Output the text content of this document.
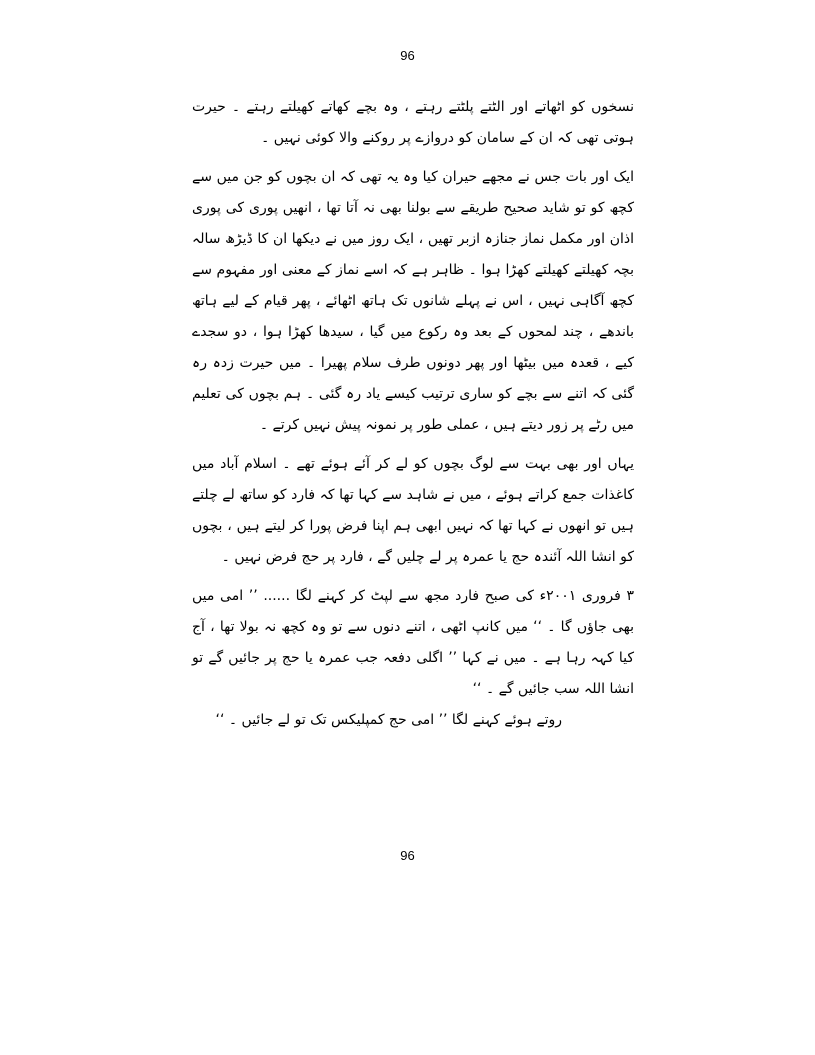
96

نسخوں کو اٹھاتے اور الٹتے پلٹتے رہتے ، وہ بچے کھاتے کھیلتے رہتے ۔ حیرت ہوتی تھی کہ ان کے سامان کو دروازے پر روکنے والا کوئی نہیں ۔

ایک اور بات جس نے مجھے حیران کیا وہ یہ تھی کہ ان بچوں کو جن میں سے کچھ کو تو شاید صحیح طریقے سے بولنا بھی نہ آتا تھا ، انھیں پوری کی پوری اذان اور مکمل نماز جنازہ ازبر تھیں ، ایک روز میں نے دیکھا ان کا ڈیڑھ سالہ بچہ کھیلتے کھیلتے کھڑا ہوا ۔ ظاہر ہے کہ اسے نماز کے معنی اور مفہوم سے کچھ آگاہی نہیں ، اس نے پہلے شانوں تک ہاتھ اٹھائے ، پھر قیام کے لیے ہاتھ باندھے ، چند لمحوں کے بعد وہ رکوع میں گیا ، سیدھا کھڑا ہوا ، دو سجدے کیے ، قعدہ میں بیٹھا اور پھر دونوں طرف سلام پھیرا ۔ میں حیرت زدہ رہ گئی کہ اتنے سے بچے کو ساری ترتیب کیسے یاد رہ گئی ۔ ہم بچوں کی تعلیم میں رٹے پر زور دیتے ہیں ، عملی طور پر نمونہ پیش نہیں کرتے ۔

یہاں اور بھی بہت سے لوگ بچوں کو لے کر آئے ہوئے تھے ۔ اسلام آباد میں کاغذات جمع کراتے ہوئے ، میں نے شاہد سے کہا تھا کہ فارد کو ساتھ لے چلتے ہیں تو انھوں نے کہا تھا کہ نہیں ابھی ہم اپنا فرض پورا کر لیتے ہیں ، بچوں کو انشا اللہ آئندہ حج یا عمرہ پر لے چلیں گے ، فارد پر حج فرض نہیں ۔

۳ فروری ۲۰۰۱ء کی صبح فارد مجھ سے لپٹ کر کہنے لگا ...... ’’ امی میں بھی جاؤں گا ۔ ‘‘ میں کانپ اٹھی ، اتنے دنوں سے تو وہ کچھ نہ بولا تھا ، آج کیا کہہ رہا ہے ۔ میں نے کہا ’’ اگلی دفعہ جب عمرہ یا حج پر جائیں گے تو انشا اللہ سب جائیں گے ۔ ‘‘

روتے ہوئے کہنے لگا ’’ امی حج کمپلیکس تک تو لے جائیں ۔ ‘‘

96
